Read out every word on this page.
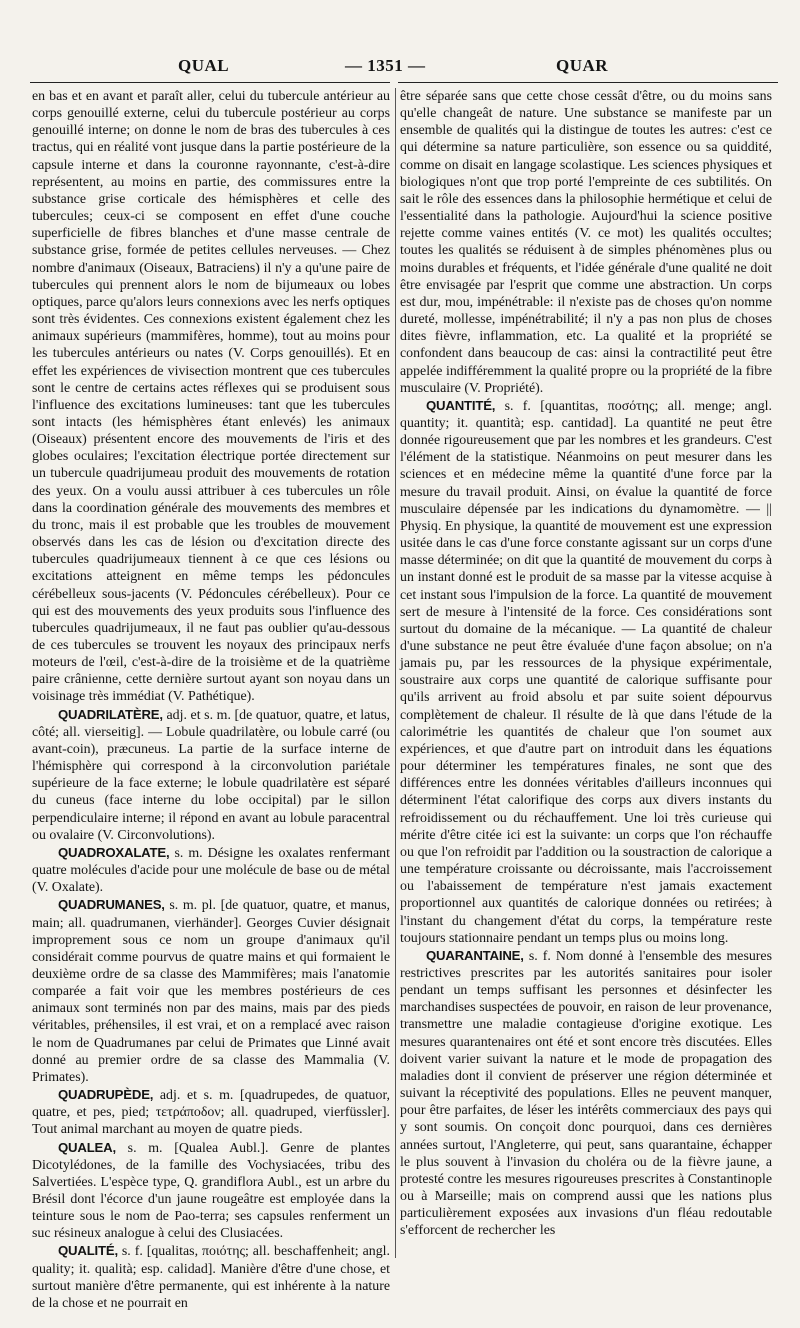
QUAL	— 1351 —	QUAR

en bas et en avant et paraît aller, celui du tubercule antérieur au corps genouillé externe, celui du tubercule postérieur au corps genouillé interne; on donne le nom de bras des tubercules à ces tractus, qui en réalité vont jusque dans la partie postérieure de la capsule interne et dans la couronne rayonnante, c'est-à-dire représentent, au moins en partie, des commissures entre la substance grise corticale des hémisphères et celle des tubercules; ceux-ci se composent en effet d'une couche superficielle de fibres blanches et d'une masse centrale de substance grise, formée de petites cellules nerveuses. — Chez nombre d'animaux (Oiseaux, Batraciens) il n'y a qu'une paire de tubercules qui prennent alors le nom de bijumeaux ou lobes optiques, parce qu'alors leurs connexions avec les nerfs optiques sont très évidentes. Ces connexions existent également chez les animaux supérieurs (mammifères, homme), tout au moins pour les tubercules antérieurs ou nates (V. Corps genouillés). Et en effet les expériences de vivisection montrent que ces tubercules sont le centre de certains actes réflexes qui se produisent sous l'influence des excitations lumineuses: tant que les tubercules sont intacts (les hémisphères étant enlevés) les animaux (Oiseaux) présentent encore des mouvements de l'iris et des globes oculaires; l'excitation électrique portée directement sur un tubercule quadrijumeau produit des mouvements de rotation des yeux. On a voulu aussi attribuer à ces tubercules un rôle dans la coordination générale des mouvements des membres et du tronc, mais il est probable que les troubles de mouvement observés dans les cas de lésion ou d'excitation directe des tubercules quadrijumeaux tiennent à ce que ces lésions ou excitations atteignent en même temps les pédoncules cérébelleux sous-jacents (V. Pédoncules cérébelleux). Pour ce qui est des mouvements des yeux produits sous l'influence des tubercules quadrijumeaux, il ne faut pas oublier qu'au-dessous de ces tubercules se trouvent les noyaux des principaux nerfs moteurs de l'œil, c'est-à-dire de la troisième et de la quatrième paire crânienne, cette dernière surtout ayant son noyau dans un voisinage très immédiat (V. Pathétique).

QUADRILATÈRE, adj. et s. m. [de quatuor, quatre, et latus, côté; all. vierseitig]. — Lobule quadrilatère, ou lobule carré (ou avant-coin), præcuneus. La partie de la surface interne de l'hémisphère qui correspond à la circonvolution pariétale supérieure de la face externe; le lobule quadrilatère est séparé du cuneus (face interne du lobe occipital) par le sillon perpendiculaire interne; il répond en avant au lobule paracentral ou ovalaire (V. Circonvolutions).

QUADROXALATE, s. m. Désigne les oxalates renfermant quatre molécules d'acide pour une molécule de base ou de métal (V. Oxalate).

QUADRUMANES, s. m. pl. [de quatuor, quatre, et manus, main; all. quadrumanen, vierhänder]. Georges Cuvier désignait improprement sous ce nom un groupe d'animaux qu'il considérait comme pourvus de quatre mains et qui formaient le deuxième ordre de sa classe des Mammifères; mais l'anatomie comparée a fait voir que les membres postérieurs de ces animaux sont terminés non par des mains, mais par des pieds véritables, préhensiles, il est vrai, et on a remplacé avec raison le nom de Quadrumanes par celui de Primates que Linné avait donné au premier ordre de sa classe des Mammalia (V. Primates).

QUADRUPÈDE, adj. et s. m. [quadrupedes, de quatuor, quatre, et pes, pied; τετράποδον; all. quadruped, vierfüssler]. Tout animal marchant au moyen de quatre pieds.

QUALEA, s. m. [Qualea Aubl.]. Genre de plantes Dicotylédones, de la famille des Vochysiacées, tribu des Salvertiées. L'espèce type, Q. grandiflora Aubl., est un arbre du Brésil dont l'écorce d'un jaune rougeâtre est employée dans la teinture sous le nom de Pao-terra; ses capsules renferment un suc résineux analogue à celui des Clusiacées.

QUALITÉ, s. f. [qualitas, ποιότης; all. beschaffenheit; angl. quality; it. qualità; esp. calidad]. Manière d'être d'une chose, et surtout manière d'être permanente, qui est inhérente à la nature de la chose et ne pourrait en

être séparée sans que cette chose cessât d'être, ou du moins sans qu'elle changeât de nature. Une substance se manifeste par un ensemble de qualités qui la distingue de toutes les autres: c'est ce qui détermine sa nature particulière, son essence ou sa quiddité, comme on disait en langage scolastique. Les sciences physiques et biologiques n'ont que trop porté l'empreinte de ces subtilités. On sait le rôle des essences dans la philosophie hermétique et celui de l'essentialité dans la pathologie. Aujourd'hui la science positive rejette comme vaines entités (V. ce mot) les qualités occultes; toutes les qualités se réduisent à de simples phénomènes plus ou moins durables et fréquents, et l'idée générale d'une qualité ne doit être envisagée par l'esprit que comme une abstraction. Un corps est dur, mou, impénétrable: il n'existe pas de choses qu'on nomme dureté, mollesse, impénétrabilité; il n'y a pas non plus de choses dites fièvre, inflammation, etc. La qualité et la propriété se confondent dans beaucoup de cas: ainsi la contractilité peut être appelée indifféremment la qualité propre ou la propriété de la fibre musculaire (V. Propriété).

QUANTITÉ, s. f. [quantitas, ποσότης; all. menge; angl. quantity; it. quantità; esp. cantidad]. La quantité ne peut être donnée rigoureusement que par les nombres et les grandeurs. C'est l'élément de la statistique. Néanmoins on peut mesurer dans les sciences et en médecine même la quantité d'une force par la mesure du travail produit. Ainsi, on évalue la quantité de force musculaire dépensée par les indications du dynamomètre. — || Physiq. En physique, la quantité de mouvement est une expression usitée dans le cas d'une force constante agissant sur un corps d'une masse déterminée; on dit que la quantité de mouvement du corps à un instant donné est le produit de sa masse par la vitesse acquise à cet instant sous l'impulsion de la force. La quantité de mouvement sert de mesure à l'intensité de la force. Ces considérations sont surtout du domaine de la mécanique. — La quantité de chaleur d'une substance ne peut être évaluée d'une façon absolue; on n'a jamais pu, par les ressources de la physique expérimentale, soustraire aux corps une quantité de calorique suffisante pour qu'ils arrivent au froid absolu et par suite soient dépourvus complètement de chaleur. Il résulte de là que dans l'étude de la calorimétrie les quantités de chaleur que l'on soumet aux expériences, et que d'autre part on introduit dans les équations pour déterminer les températures finales, ne sont que des différences entre les données véritables d'ailleurs inconnues qui déterminent l'état calorifique des corps aux divers instants du refroidissement ou du réchauffement. Une loi très curieuse qui mérite d'être citée ici est la suivante: un corps que l'on réchauffe ou que l'on refroidit par l'addition ou la soustraction de calorique a une température croissante ou décroissante, mais l'accroissement ou l'abaissement de température n'est jamais exactement proportionnel aux quantités de calorique données ou retirées; à l'instant du changement d'état du corps, la température reste toujours stationnaire pendant un temps plus ou moins long.

QUARANTAINE, s. f. Nom donné à l'ensemble des mesures restrictives prescrites par les autorités sanitaires pour isoler pendant un temps suffisant les personnes et désinfecter les marchandises suspectées de pouvoir, en raison de leur provenance, transmettre une maladie contagieuse d'origine exotique. Les mesures quarantenaires ont été et sont encore très discutées. Elles doivent varier suivant la nature et le mode de propagation des maladies dont il convient de préserver une région déterminée et suivant la réceptivité des populations. Elles ne peuvent manquer, pour être parfaites, de léser les intérêts commerciaux des pays qui y sont soumis. On conçoit donc pourquoi, dans ces dernières années surtout, l'Angleterre, qui peut, sans quarantaine, échapper le plus souvent à l'invasion du choléra ou de la fièvre jaune, a protesté contre les mesures rigoureuses prescrites à Constantinople ou à Marseille; mais on comprend aussi que les nations plus particulièrement exposées aux invasions d'un fléau redoutable s'efforcent de rechercher les
